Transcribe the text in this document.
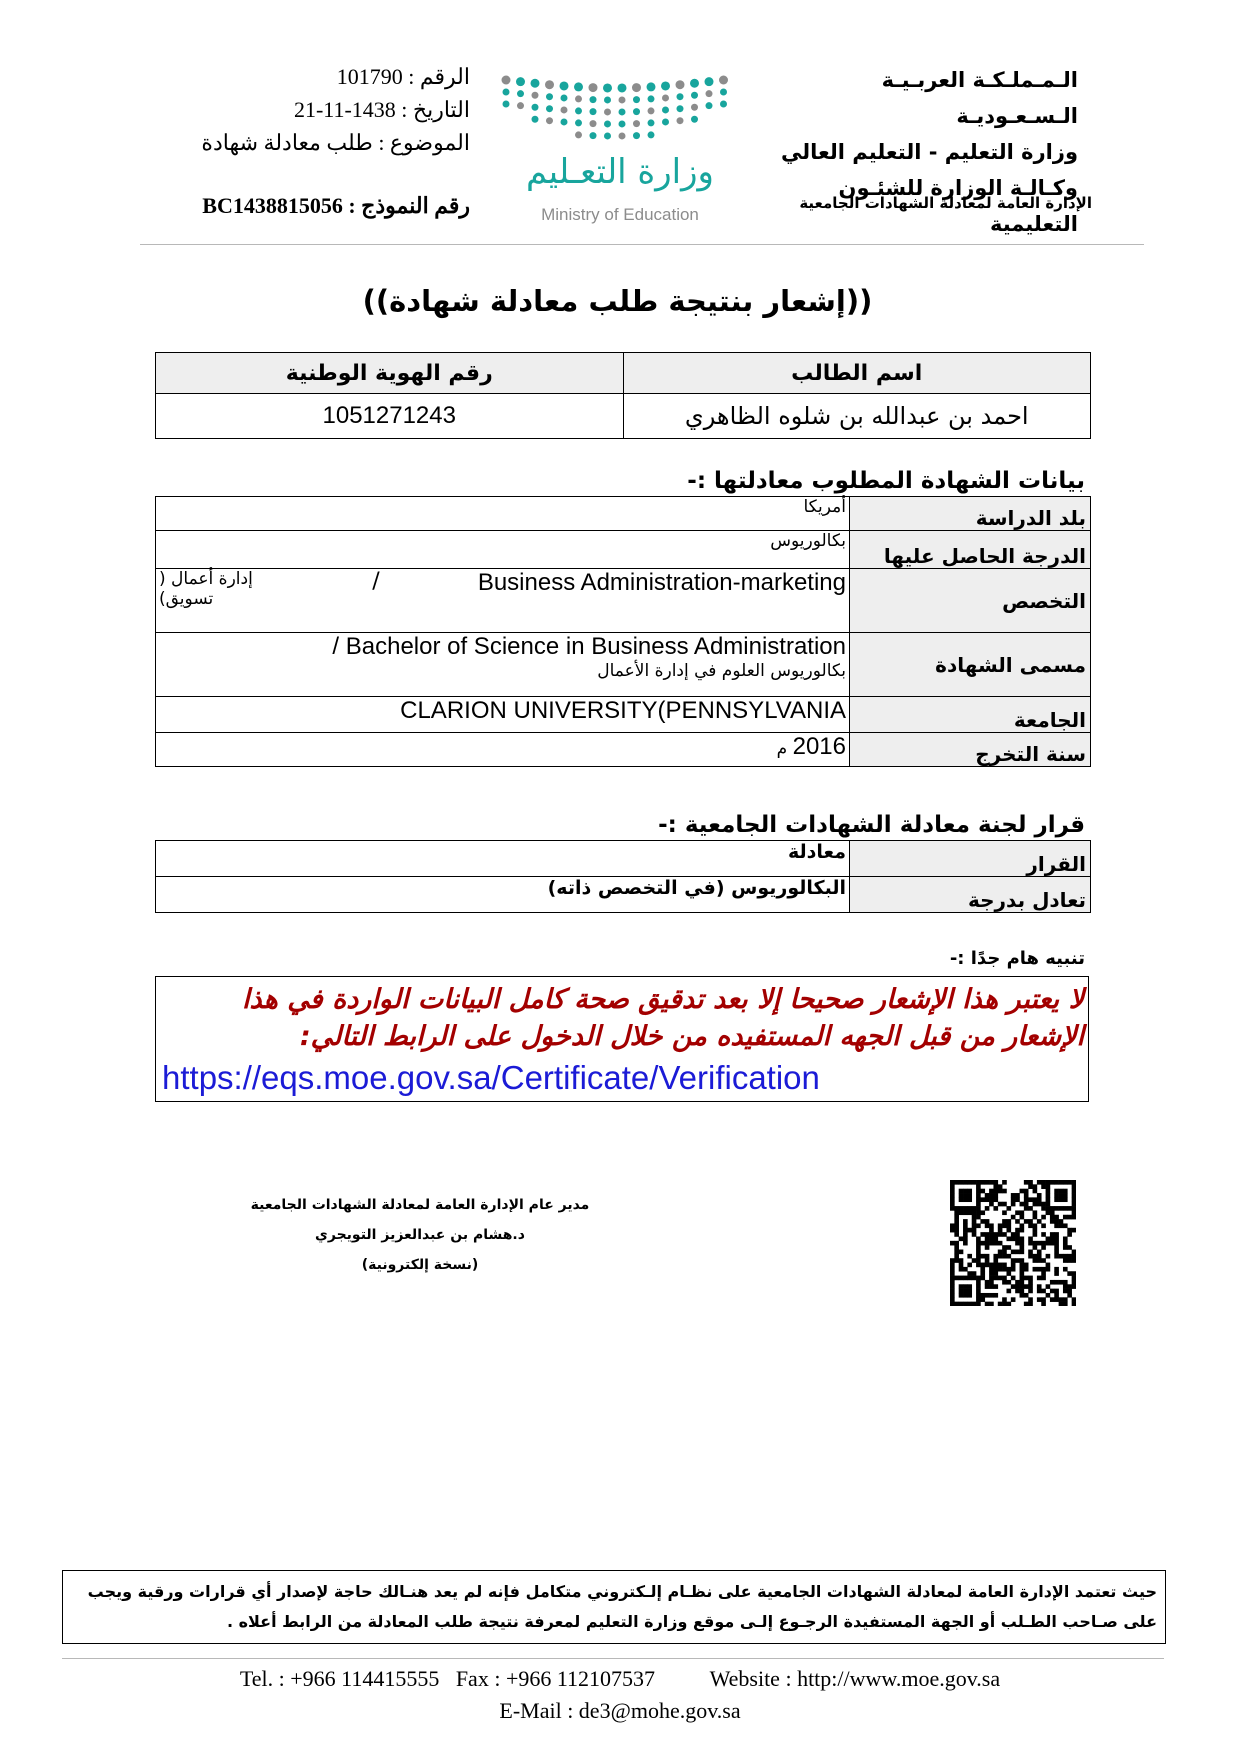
الـمـملـكـة العربـيـة الـسـعـوديـة
وزارة التعليم - التعليم العالي
وكـالـة الوزارة للشئـون التعليمية
الإدارة العامة لمعادلة الشهادات الجامعية
وزارة التعـليم
Ministry of Education
الرقم : 101790
التاريخ : 1438-11-21
الموضوع : طلب معادلة شهادة
رقم النموذج : BC1438815056
((إشعار بنتيجة طلب معادلة شهادة))
رقم الهوية الوطنية	اسم الطالب
1051271243	احمد بن عبدالله بن شلوه الظاهري
بيانات الشهادة المطلوب معادلتها :-
أمريكا	بلد الدراسة
بكالوريوس	الدرجة الحاصل عليها

إدارة أعمال ( تسويق)
/ Business Administration-marketing	التخصص

Bachelor of Science in Business Administration /
بكالوريوس العلوم في إدارة الأعمال	مسمى الشهادة
CLARION UNIVERSITY(PENNSYLVANIA	الجامعة
2016 م	سنة التخرج
قرار لجنة معادلة الشهادات الجامعية :-
معادلة	القرار
البكالوريوس (في التخصص ذاته)	تعادل بدرجة
تنبيه هام جدًا :-
لا يعتبر هذا الإشعار صحيحا إلا بعد تدقيق صحة كامل البيانات الواردة في هذا الإشعار من قبل الجهه المستفيده من خلال الدخول على الرابط التالي:
https://eqs.moe.gov.sa/Certificate/Verification
مدير عام الإدارة العامة لمعادلة الشهادات الجامعية
د.هشام بن عبدالعزيز التويجري
(نسخة إلكترونية)
حيث تعتمد الإدارة العامة لمعادلة الشهادات الجامعية على نظـام إلـكتروني متكامل فإنه لم يعد هنـالك حاجة لإصدار أي قرارات ورقية ويجب على صـاحب الطـلب أو الجهة المستفيدة الرجـوع إلـى موقع وزارة التعليم لمعرفة نتيجة طلب المعادلة من الرابط أعلاه .
Tel. : +966 114415555   Fax : +966 112107537          Website : http://www.moe.gov.sa
E-Mail : de3@mohe.gov.sa
